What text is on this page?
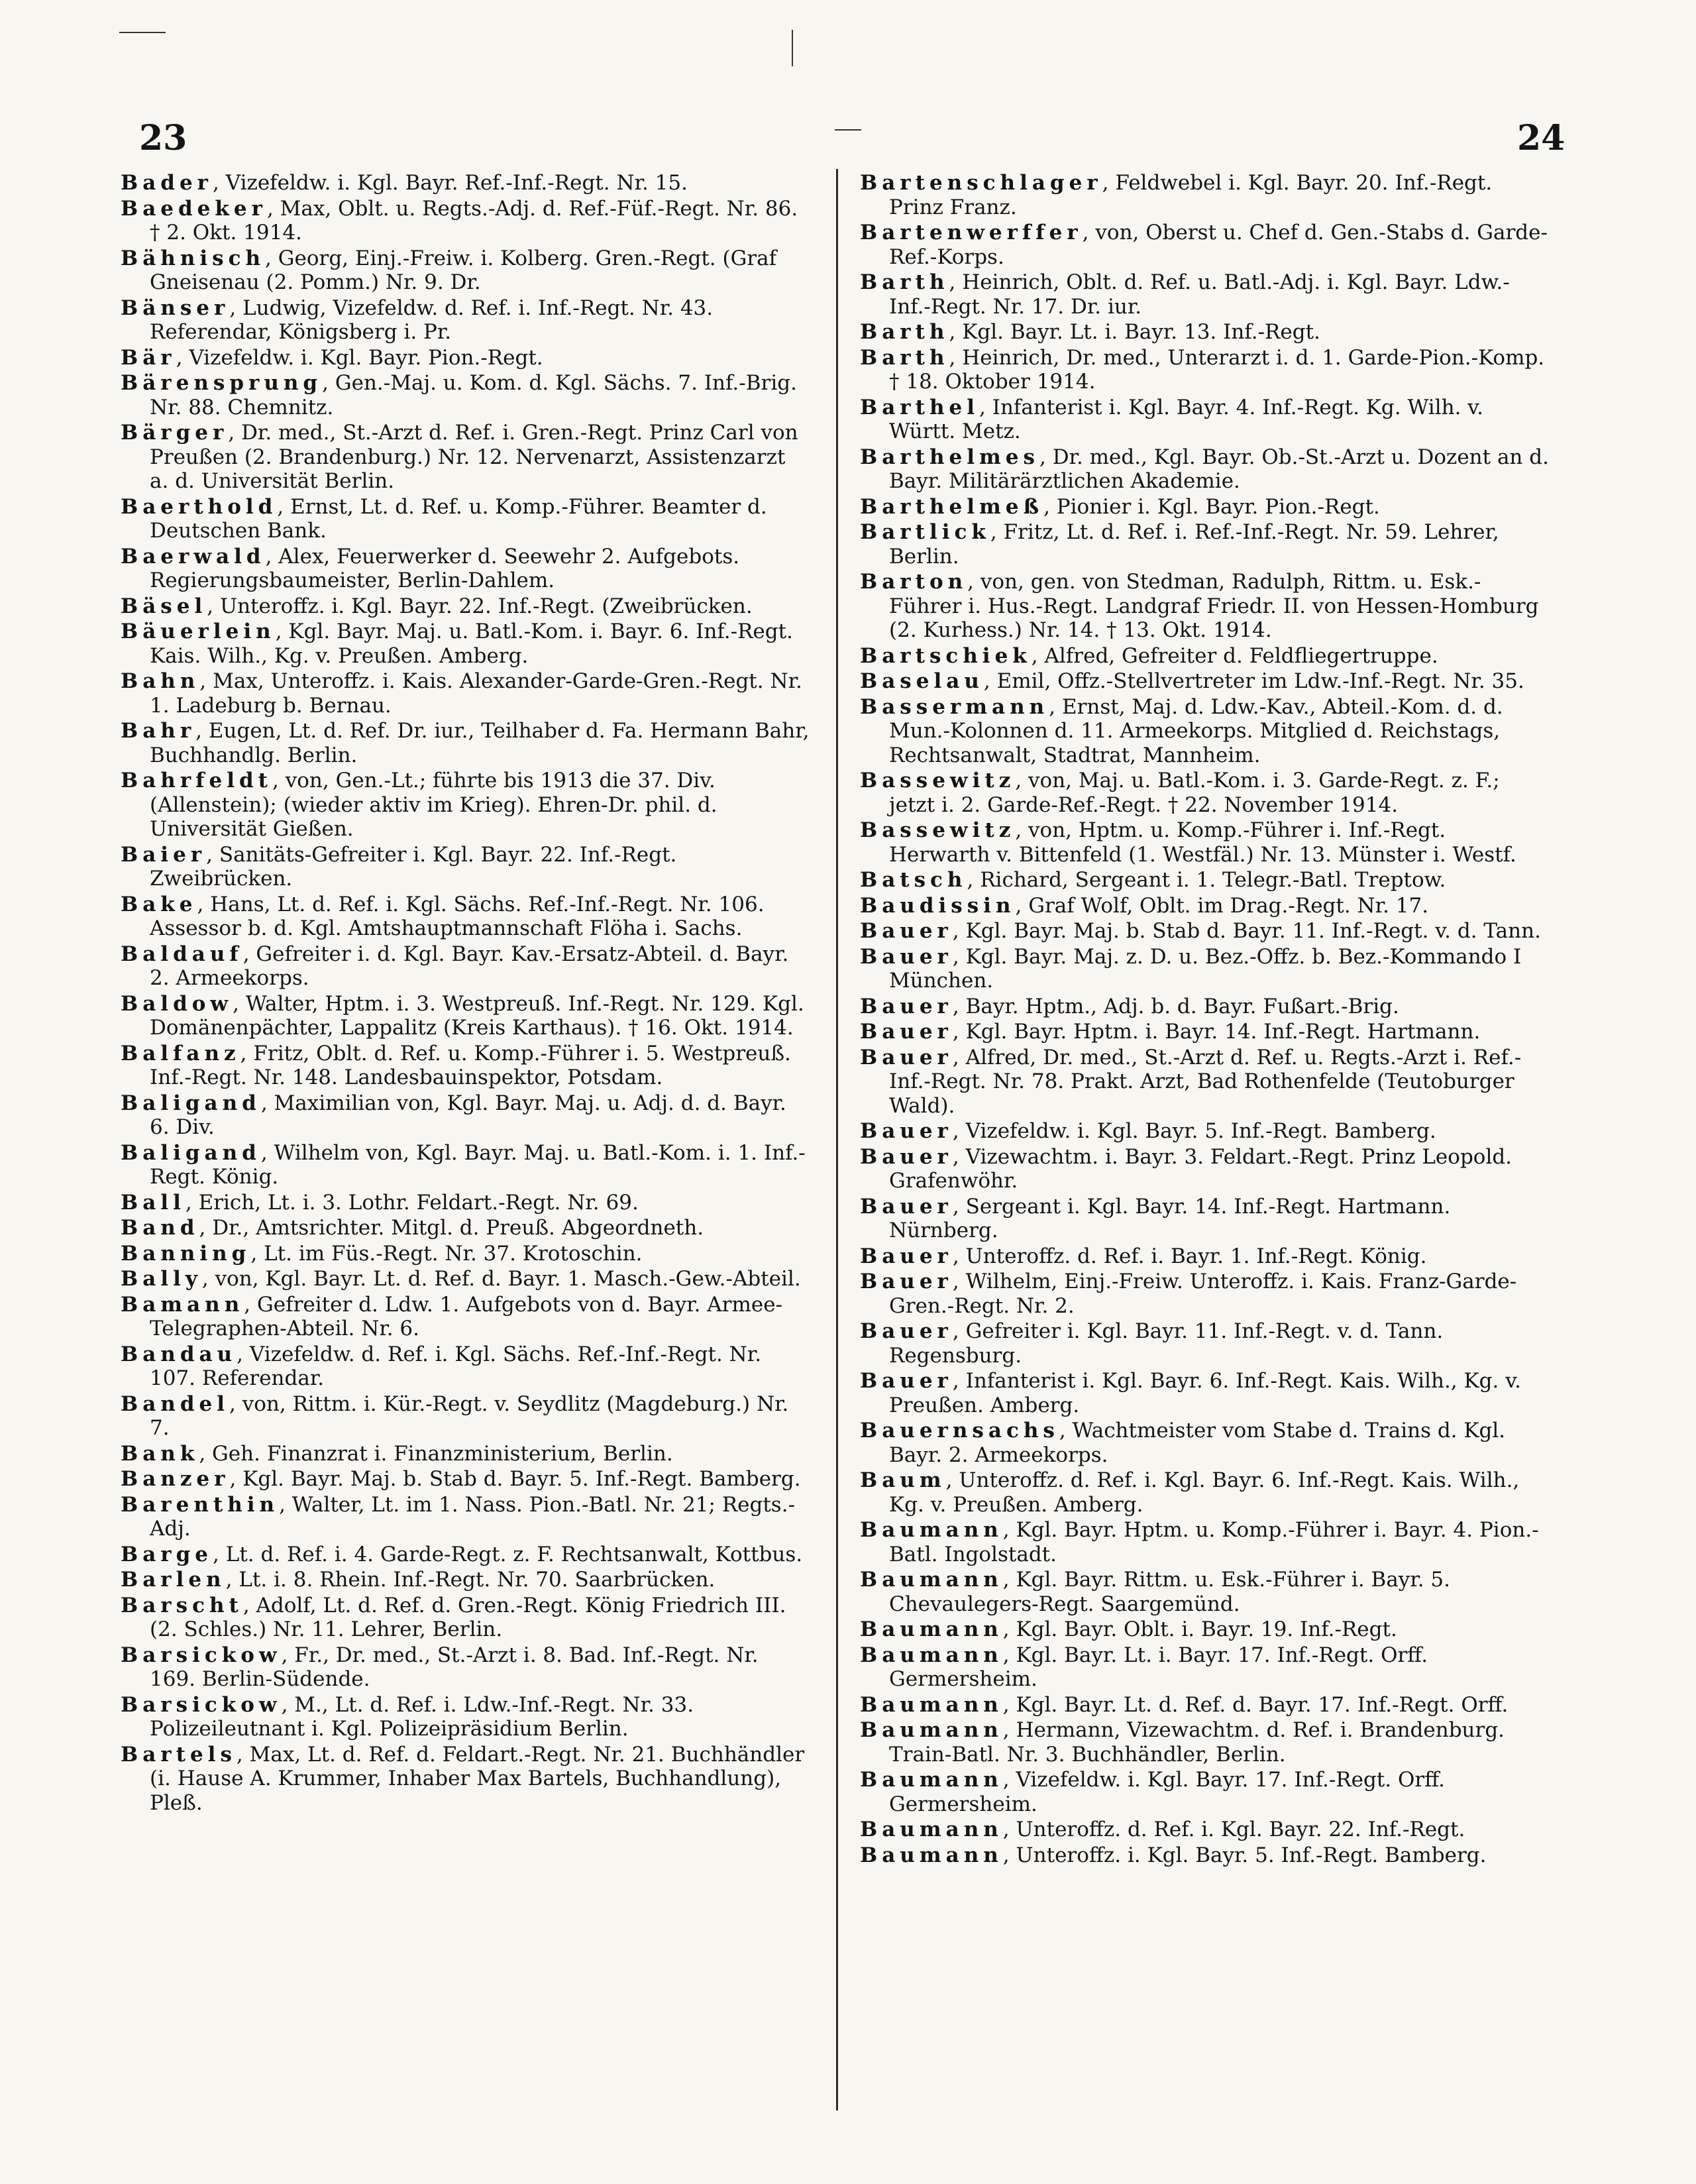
23	24
Bader, Vizefeldw. i. Kgl. Bayr. Ref.-Inf.-Regt. Nr. 15.
Baedeker, Max, Oblt. u. Regts.-Adj. d. Ref.-Füf.-Regt. Nr. 86. † 2. Okt. 1914.
Bähnisch, Georg, Einj.-Freiw. i. Kolberg. Gren.-Regt. (Graf Gneisenau (2. Pomm.) Nr. 9. Dr.
Bänser, Ludwig, Vizefeldw. d. Ref. i. Inf.-Regt. Nr. 43. Referendar, Königsberg i. Pr.
Bär, Vizefeldw. i. Kgl. Bayr. Pion.-Regt.
Bärensprung, Gen.-Maj. u. Kom. d. Kgl. Sächs. 7. Inf.-Brig. Nr. 88. Chemnitz.
Bärger, Dr. med., St.-Arzt d. Ref. i. Gren.-Regt. Prinz Carl von Preußen (2. Brandenburg.) Nr. 12. Nervenarzt, Assistenzarzt a. d. Universität Berlin.
Baerthold, Ernst, Lt. d. Ref. u. Komp.-Führer. Beamter d. Deutschen Bank.
Baerwald, Alex, Feuerwerker d. Seewehr 2. Aufgebots. Regierungsbaumeister, Berlin-Dahlem.
Bäsel, Unteroffz. i. Kgl. Bayr. 22. Inf.-Regt. (Zweibrücken.
Bäuerlein, Kgl. Bayr. Maj. u. Batl.-Kom. i. Bayr. 6. Inf.-Regt. Kais. Wilh., Kg. v. Preußen. Amberg.
Bahn, Max, Unteroffz. i. Kais. Alexander-Garde-Gren.-Regt. Nr. 1. Ladeburg b. Bernau.
Bahr, Eugen, Lt. d. Ref. Dr. iur., Teilhaber d. Fa. Hermann Bahr, Buchhandlg. Berlin.
Bahrfeldt, von, Gen.-Lt.; führte bis 1913 die 37. Div. (Allenstein); (wieder aktiv im Krieg). Ehren-Dr. phil. d. Universität Gießen.
Baier, Sanitäts-Gefreiter i. Kgl. Bayr. 22. Inf.-Regt. Zweibrücken.
Bake, Hans, Lt. d. Ref. i. Kgl. Sächs. Ref.-Inf.-Regt. Nr. 106. Assessor b. d. Kgl. Amtshauptmannschaft Flöha i. Sachs.
Baldauf, Gefreiter i. d. Kgl. Bayr. Kav.-Ersatz-Abteil. d. Bayr. 2. Armeekorps.
Baldow, Walter, Hptm. i. 3. Westpreuß. Inf.-Regt. Nr. 129. Kgl. Domänenpächter, Lappalitz (Kreis Karthaus). † 16. Okt. 1914.
Balfanz, Fritz, Oblt. d. Ref. u. Komp.-Führer i. 5. Westpreuß. Inf.-Regt. Nr. 148. Landesbauinspektor, Potsdam.
Baligand, Maximilian von, Kgl. Bayr. Maj. u. Adj. d. d. Bayr. 6. Div.
Baligand, Wilhelm von, Kgl. Bayr. Maj. u. Batl.-Kom. i. 1. Inf.-Regt. König.
Ball, Erich, Lt. i. 3. Lothr. Feldart.-Regt. Nr. 69.
Band, Dr., Amtsrichter. Mitgl. d. Preuß. Abgeordneth.
Banning, Lt. im Füs.-Regt. Nr. 37. Krotoschin.
Bally, von, Kgl. Bayr. Lt. d. Ref. d. Bayr. 1. Masch.-Gew.-Abteil.
Bamann, Gefreiter d. Ldw. 1. Aufgebots von d. Bayr. Armee-Telegraphen-Abteil. Nr. 6.
Bandau, Vizefeldw. d. Ref. i. Kgl. Sächs. Ref.-Inf.-Regt. Nr. 107. Referendar.
Bandel, von, Rittm. i. Kür.-Regt. v. Seydlitz (Magdeburg.) Nr. 7.
Bank, Geh. Finanzrat i. Finanzministerium, Berlin.
Banzer, Kgl. Bayr. Maj. b. Stab d. Bayr. 5. Inf.-Regt. Bamberg.
Barenthin, Walter, Lt. im 1. Nass. Pion.-Batl. Nr. 21; Regts.-Adj.
Barge, Lt. d. Ref. i. 4. Garde-Regt. z. F. Rechtsanwalt, Kottbus.
Barlen, Lt. i. 8. Rhein. Inf.-Regt. Nr. 70. Saarbrücken.
Barscht, Adolf, Lt. d. Ref. d. Gren.-Regt. König Friedrich III. (2. Schles.) Nr. 11. Lehrer, Berlin.
Barsickow, Fr., Dr. med., St.-Arzt i. 8. Bad. Inf.-Regt. Nr. 169. Berlin-Südende.
Barsickow, M., Lt. d. Ref. i. Ldw.-Inf.-Regt. Nr. 33. Polizeileutnant i. Kgl. Polizeipräsidium Berlin.
Bartels, Max, Lt. d. Ref. d. Feldart.-Regt. Nr. 21. Buchhändler (i. Hause A. Krummer, Inhaber Max Bartels, Buchhandlung), Pleß.
Bartenschlager, Feldwebel i. Kgl. Bayr. 20. Inf.-Regt. Prinz Franz.
Bartenwerffer, von, Oberst u. Chef d. Gen.-Stabs d. Garde-Ref.-Korps.
Barth, Heinrich, Oblt. d. Ref. u. Batl.-Adj. i. Kgl. Bayr. Ldw.-Inf.-Regt. Nr. 17. Dr. iur.
Barth, Kgl. Bayr. Lt. i. Bayr. 13. Inf.-Regt.
Barth, Heinrich, Dr. med., Unterarzt i. d. 1. Garde-Pion.-Komp. † 18. Oktober 1914.
Barthel, Infanterist i. Kgl. Bayr. 4. Inf.-Regt. Kg. Wilh. v. Württ. Metz.
Barthelmes, Dr. med., Kgl. Bayr. Ob.-St.-Arzt u. Dozent an d. Bayr. Militärärztlichen Akademie.
Barthelmeß, Pionier i. Kgl. Bayr. Pion.-Regt.
Bartlick, Fritz, Lt. d. Ref. i. Ref.-Inf.-Regt. Nr. 59. Lehrer, Berlin.
Barton, von, gen. von Stedman, Radulph, Rittm. u. Esk.-Führer i. Hus.-Regt. Landgraf Friedr. II. von Hessen-Homburg (2. Kurhess.) Nr. 14. † 13. Okt. 1914.
Bartschiek, Alfred, Gefreiter d. Feldfliegertruppe.
Baselau, Emil, Offz.-Stellvertreter im Ldw.-Inf.-Regt. Nr. 35.
Bassermann, Ernst, Maj. d. Ldw.-Kav., Abteil.-Kom. d. d. Mun.-Kolonnen d. 11. Armeekorps. Mitglied d. Reichstags, Rechtsanwalt, Stadtrat, Mannheim.
Bassewitz, von, Maj. u. Batl.-Kom. i. 3. Garde-Regt. z. F.; jetzt i. 2. Garde-Ref.-Regt. † 22. November 1914.
Bassewitz, von, Hptm. u. Komp.-Führer i. Inf.-Regt. Herwarth v. Bittenfeld (1. Westfäl.) Nr. 13. Münster i. Westf.
Batsch, Richard, Sergeant i. 1. Telegr.-Batl. Treptow.
Baudissin, Graf Wolf, Oblt. im Drag.-Regt. Nr. 17.
Bauer, Kgl. Bayr. Maj. b. Stab d. Bayr. 11. Inf.-Regt. v. d. Tann.
Bauer, Kgl. Bayr. Maj. z. D. u. Bez.-Offz. b. Bez.-Kommando I München.
Bauer, Bayr. Hptm., Adj. b. d. Bayr. Fußart.-Brig.
Bauer, Kgl. Bayr. Hptm. i. Bayr. 14. Inf.-Regt. Hartmann.
Bauer, Alfred, Dr. med., St.-Arzt d. Ref. u. Regts.-Arzt i. Ref.-Inf.-Regt. Nr. 78. Prakt. Arzt, Bad Rothenfelde (Teutoburger Wald).
Bauer, Vizefeldw. i. Kgl. Bayr. 5. Inf.-Regt. Bamberg.
Bauer, Vizewachtm. i. Bayr. 3. Feldart.-Regt. Prinz Leopold. Grafenwöhr.
Bauer, Sergeant i. Kgl. Bayr. 14. Inf.-Regt. Hartmann. Nürnberg.
Bauer, Unteroffz. d. Ref. i. Bayr. 1. Inf.-Regt. König.
Bauer, Wilhelm, Einj.-Freiw. Unteroffz. i. Kais. Franz-Garde-Gren.-Regt. Nr. 2.
Bauer, Gefreiter i. Kgl. Bayr. 11. Inf.-Regt. v. d. Tann. Regensburg.
Bauer, Infanterist i. Kgl. Bayr. 6. Inf.-Regt. Kais. Wilh., Kg. v. Preußen. Amberg.
Bauernsachs, Wachtmeister vom Stabe d. Trains d. Kgl. Bayr. 2. Armeekorps.
Baum, Unteroffz. d. Ref. i. Kgl. Bayr. 6. Inf.-Regt. Kais. Wilh., Kg. v. Preußen. Amberg.
Baumann, Kgl. Bayr. Hptm. u. Komp.-Führer i. Bayr. 4. Pion.-Batl. Ingolstadt.
Baumann, Kgl. Bayr. Rittm. u. Esk.-Führer i. Bayr. 5. Chevaulegers-Regt. Saargemünd.
Baumann, Kgl. Bayr. Oblt. i. Bayr. 19. Inf.-Regt.
Baumann, Kgl. Bayr. Lt. i. Bayr. 17. Inf.-Regt. Orff. Germersheim.
Baumann, Kgl. Bayr. Lt. d. Ref. d. Bayr. 17. Inf.-Regt. Orff.
Baumann, Hermann, Vizewachtm. d. Ref. i. Brandenburg. Train-Batl. Nr. 3. Buchhändler, Berlin.
Baumann, Vizefeldw. i. Kgl. Bayr. 17. Inf.-Regt. Orff. Germersheim.
Baumann, Unteroffz. d. Ref. i. Kgl. Bayr. 22. Inf.-Regt.
Baumann, Unteroffz. i. Kgl. Bayr. 5. Inf.-Regt. Bamberg.
